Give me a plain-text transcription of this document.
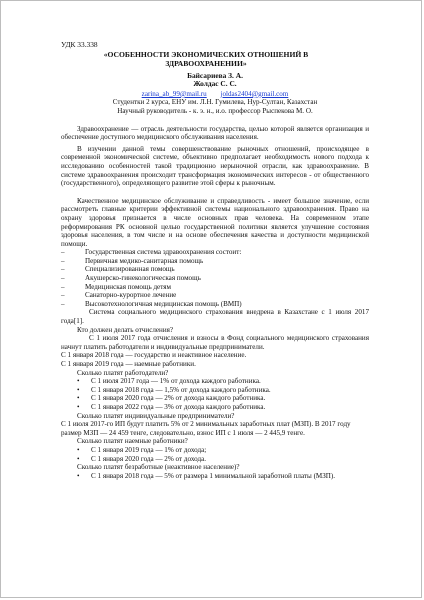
УДК 33.338
«ОСОБЕННОСТИ ЭКОНОМИЧЕСКИХ ОТНОШЕНИЙ В
ЗДРАВООХРАНЕНИИ»
Байсариева З. А.
Жолдас С. С.
zarina_ab_99@mail.ru joldas2404@gmail.com
Студентки 2 курса, ЕНУ им. Л.Н. Гумилева, Нур-Султан, Казахстан
Научный руководитель - к. э. н., и.о. профессор Рыспекова М. О.
Здравоохранение — отрасль деятельности государства, целью которой является организация и обеспечение доступного медицинского обслуживания населения.
В изучении данной темы совершенствование рыночных отношений, происходящее в современной экономической системе, объективно предполагает необходимость нового подхода к исследованию особенностей такой традиционно нерыночной отрасли, как здравоохранение. В системе здравоохранения происходит трансформация экономических интересов - от общественного (государственного), определяющего развитие этой сферы к рыночным.
Качественное медицинское обслуживание и справедливость - имеет большое значение, если рассмотреть главные критерии эффективной системы национального здравоохранения. Право на охрану здоровья признается в числе основных прав человека. На современном этапе реформирования РК основной целью государственной политики является улучшение состояния здоровья населения, в том числе и на основе обеспечения качества и доступности медицинской помощи.
– Государственная система здравоохранения состоит:
– Первичная медико-санитарная помощь
– Специализированная помощь
– Акушерско-гинекологическая помощь
– Медицинская помощь детям
– Санаторно-курортное лечение
– Высокотехнологичная медицинская помощь (ВМП)
Система социального медицинского страхования внедрена в Казахстане с 1 июля 2017 года[1].
Кто должен делать отчисления?
С 1 июля 2017 года отчисления и взносы в Фонд социального медицинского страхования начнут платить работодатели и индивидуальные предприниматели.
С 1 января 2018 года — государство и неактивное население.
С 1 января 2019 года — наемные работники.
Сколько платят работодатели?
• С 1 июля 2017 года — 1% от дохода каждого работника.
• С 1 января 2018 года — 1,5% от дохода каждого работника.
• С 1 января 2020 года — 2% от дохода каждого работника.
• С 1 января 2022 года — 3% от дохода каждого работника.
Сколько платят индивидуальные предприниматели?
С 1 июля 2017-го ИП будут платить 5% от 2 минимальных заработных плат (МЗП). В 2017 году размер МЗП — 24 459 тенге, следовательно, взнос ИП с 1 июля — 2 445,9 тенге.
Сколько платят наемные работники?
• С 1 января 2019 года — 1% от дохода;
• С 1 января 2020 года — 2% от дохода.
Сколько платят безработные (неактивное население)?
• С 1 января 2018 года — 5% от размера 1 минимальной заработной платы (МЗП).
